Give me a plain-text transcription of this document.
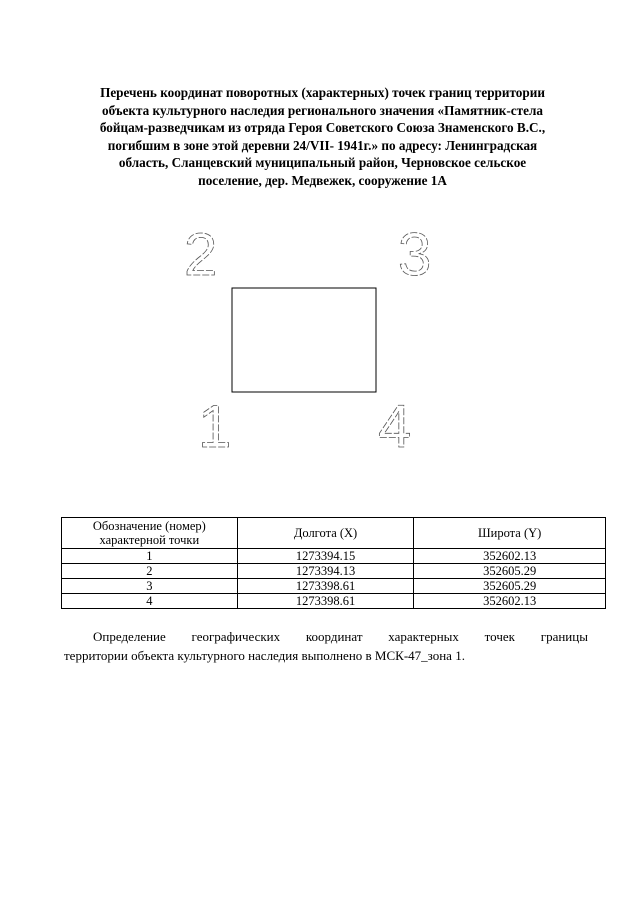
Перечень координат поворотных (характерных) точек границ территории
объекта культурного наследия регионального значения «Памятник-стела
бойцам-разведчикам из отряда Героя Советского Союза Знаменского В.С.,
погибшим в зоне этой деревни 24/VII- 1941г.» по адресу: Ленинградская
область, Сланцевский муниципальный район, Черновское сельское
поселение, дер. Медвежек, сооружение 1А
2	3
1 4
Обозначение (номер) характерной точки	Долгота (X)	Широта (Y)
1	1273394.15	352602.13
2	1273394.13	352605.29
3	1273398.61	352605.29
4	1273398.61	352602.13
Определение географических координат характерных точек границы
территории объекта культурного наследия выполнено в МСК-47_зона 1.
